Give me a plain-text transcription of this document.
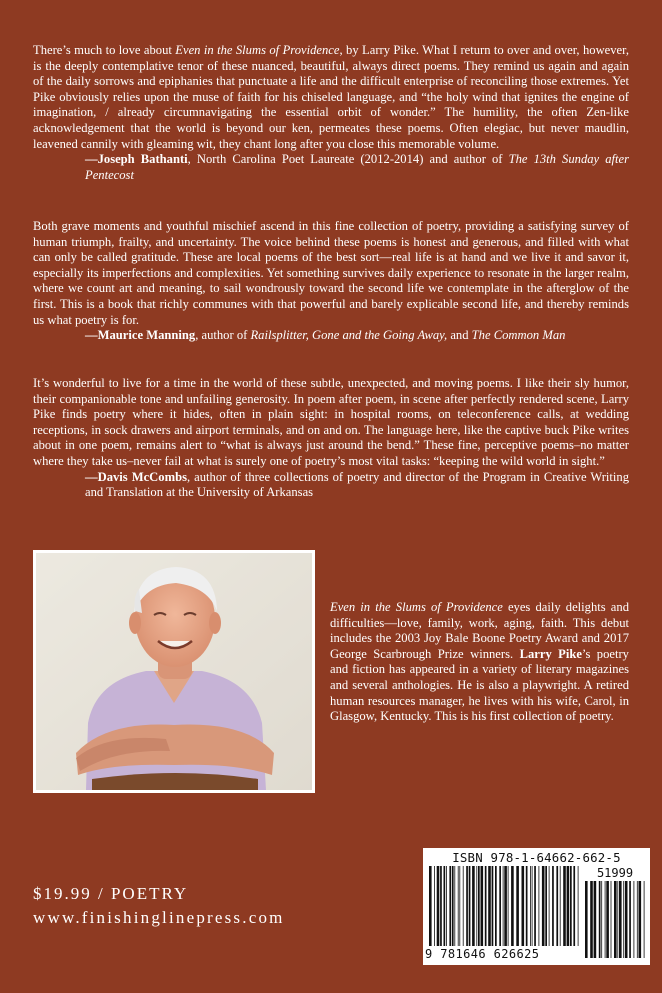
There’s much to love about Even in the Slums of Providence, by Larry Pike. What I return to over and over, however, is the deeply contemplative tenor of these nuanced, beautiful, always direct poems. They remind us again and again of the daily sorrows and epiphanies that punctuate a life and the difficult enterprise of reconciling those extremes. Yet Pike obviously relies upon the muse of faith for his chiseled language, and “the holy wind that ignites the engine of imagination, / already circumnavigating the essential orbit of wonder.” The humility, the often Zen-like acknowledgement that the world is beyond our ken, permeates these poems. Often elegiac, but never maudlin, leavened cannily with gleaming wit, they chant long after you close this memorable volume.

—Joseph Bathanti, North Carolina Poet Laureate (2012-2014) and author of The 13th Sunday after Pentecost

Both grave moments and youthful mischief ascend in this fine collection of poetry, providing a satisfying survey of human triumph, frailty, and uncertainty. The voice behind these poems is honest and generous, and filled with what can only be called gratitude. These are local poems of the best sort—real life is at hand and we live it and savor it, especially its imperfections and complexities. Yet something survives daily experience to resonate in the larger realm, where we count art and meaning, to sail wondrously toward the second life we contemplate in the afterglow of the first. This is a book that richly communes with that powerful and barely explicable second life, and thereby reminds us what poetry is for.

—Maurice Manning, author of Railsplitter, Gone and the Going Away, and The Common Man

It’s wonderful to live for a time in the world of these subtle, unexpected, and moving poems. I like their sly humor, their companionable tone and unfailing generosity. In poem after poem, in scene after perfectly rendered scene, Larry Pike finds poetry where it hides, often in plain sight: in hospital rooms, on teleconference calls, at wedding receptions, in sock drawers and airport terminals, and on and on. The language here, like the captive buck Pike writes about in one poem, remains alert to “what is always just around the bend.” These fine, perceptive poems–no matter where they take us–never fail at what is surely one of poetry’s most vital tasks: “keeping the wild world in sight.”

—Davis McCombs, author of three collections of poetry and director of the Program in Creative Writing and Translation at the University of Arkansas

Even in the Slums of Providence eyes daily delights and difficulties—love, family, work, aging, faith. This debut includes the 2003 Joy Bale Boone Poetry Award and 2017 George Scarbrough Prize winners. Larry Pike’s poetry and fiction has appeared in a variety of literary magazines and several anthologies. He is also a playwright. A retired human resources manager, he lives with his wife, Carol, in Glasgow, Kentucky. This is his first collection of poetry.

$19.99 / POETRY
www.finishinglinepress.com
ISBN 978-1-64662-662-5
51999
9 781646 626625
